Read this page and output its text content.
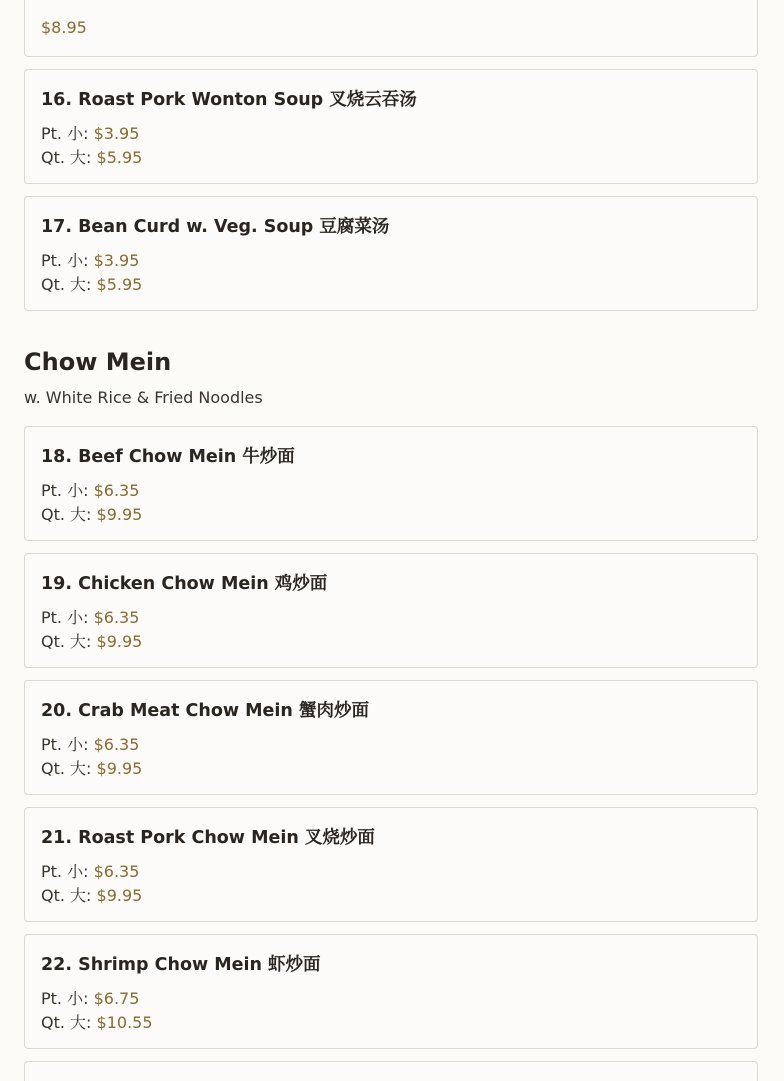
$8.95
16. Roast Pork Wonton Soup 叉烧云吞汤
Pt. 小: $3.95
Qt. 大: $5.95
17. Bean Curd w. Veg. Soup 豆腐菜汤
Pt. 小: $3.95
Qt. 大: $5.95
Chow Mein
w. White Rice & Fried Noodles
18. Beef Chow Mein 牛炒面
Pt. 小: $6.35
Qt. 大: $9.95
19. Chicken Chow Mein 鸡炒面
Pt. 小: $6.35
Qt. 大: $9.95
20. Crab Meat Chow Mein 蟹肉炒面
Pt. 小: $6.35
Qt. 大: $9.95
21. Roast Pork Chow Mein 叉烧炒面
Pt. 小: $6.35
Qt. 大: $9.95
22. Shrimp Chow Mein 虾炒面
Pt. 小: $6.75
Qt. 大: $10.55
